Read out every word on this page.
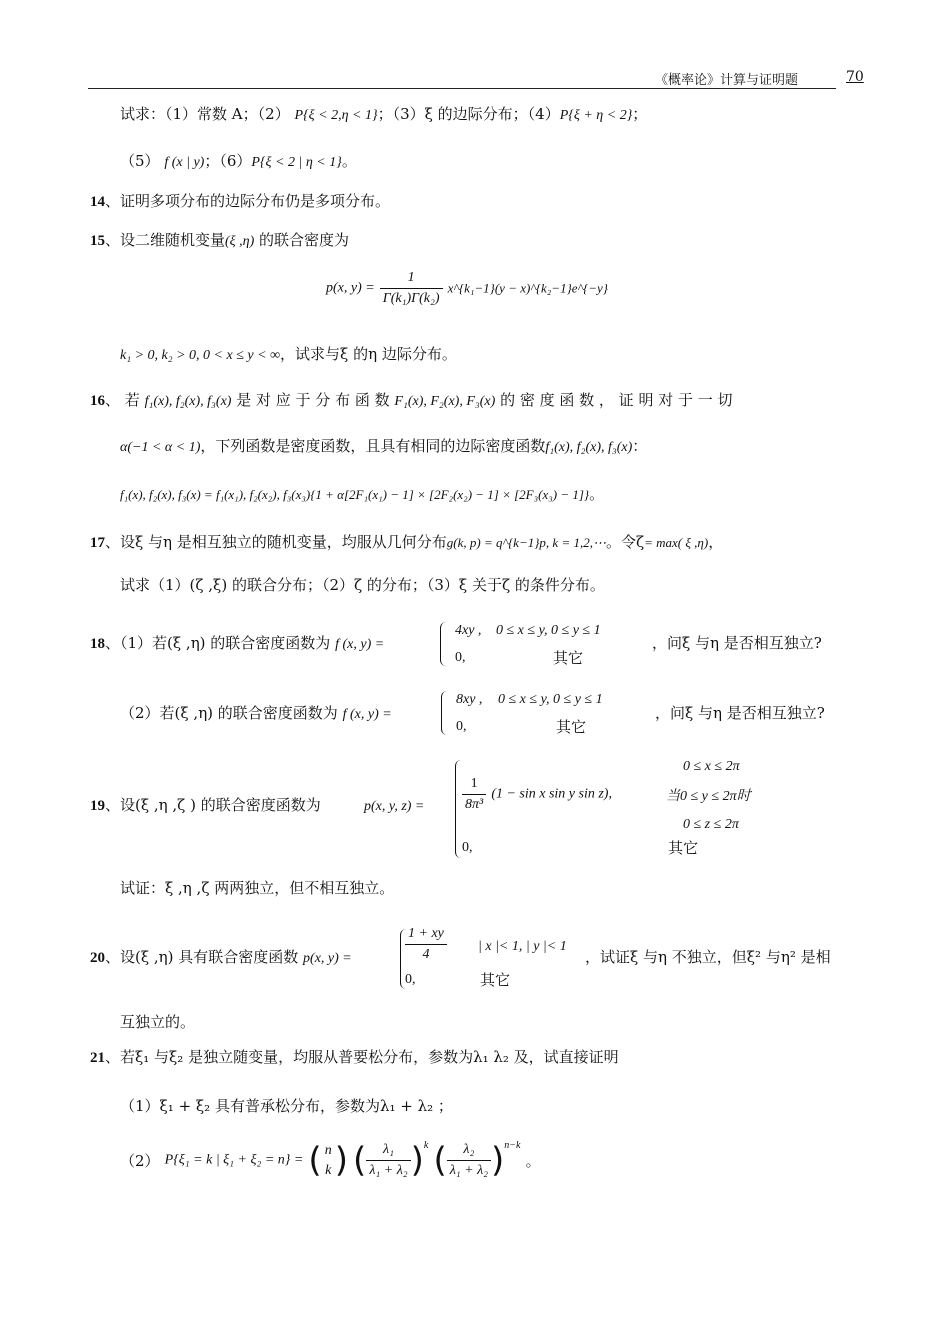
《概率论》计算与证明题	70
试求：（1）常数 A；（2） P{ξ < 2,η < 1}；（3）ξ 的边际分布；（4）P{ξ + η < 2}；
（5） f (x | y)；（6）P{ξ < 2 | η < 1}。
14、证明多项分布的边际分布仍是多项分布。
15、设二维随机变量(ξ ,η) 的联合密度为
p(x, $y) = \frac{1}{\text{Γ(k₁)Γ(k₂)}}$ x^{k₁−1}(y − x)^{k₂−1}e^{−y}
k₁ > 0, k₂ > 0, 0 < x ≤ y < ∞，试求与ξ 的η 边际分布。
16、 若 f₁(x), f₂(x), f₃(x) 是 对 应 于 分 布 函 数 F₁(x), F₂(x), F₃(x) 的 密 度 函 数 ， 证 明 对 于 一 切
α(−1 < α < 1)，下列函数是密度函数，且具有相同的边际密度函数f₁(x), f₂(x), f₃(x)：
f₁(x), f₂(x), f₃(x) = f₁(x₁), f₂(x₂), f₃(x₃){1 + α[2F₁(x₁) − 1] × [2F₂(x₂) − 1] × [2F₃(x₃) − 1]}。
17、设ξ 与η 是相互独立的随机变量，均服从几何分布g(k, p) = q^{k−1}p, k = 1,2,⋯。令ζ= max( ξ ,η)，
试求（1）(ζ ,ξ) 的联合分布；（2）ζ 的分布；（3）ξ 关于ζ 的条件分布。
18、（1）若(ξ ,η) 的联合密度函数为 f (x, y) =
4xy , 0 ≤ x ≤ y, 0 ≤ y ≤ 1
0,	其它
，问ξ 与η 是否相互独立?
（2）若(ξ ,η) 的联合密度函数为 f (x, y) =
8xy , 0 ≤ x ≤ y, 0 ≤ y ≤ 1
0,	其它
，问ξ 与η 是否相互独立?
19、设(ξ ,η ,ζ ) 的联合密度函数为	p(x, y, z) =
0 ≤ x ≤ 2π
$\frac{1}{\text{8π³}} (1 - \sin x$ sin y sin z),	当0 ≤ y ≤ 2π时
0 ≤ z ≤ 2π
0,	其它
试证：ξ ,η ,ζ 两两独立，但不相互独立。
20、设(ξ ,η) 具有联合密度函数 p(x, y) =	$\frac{1 + xy}{4}$ | x |< 1, | y |< 1
0,	其它
，试证ξ 与η 不独立，但ξ² 与η² 是相
互独立的。
21、若ξ₁ 与ξ₂ 是独立随变量，均服从普要松分布，参数为λ₁ λ₂ 及，试直接证明
（1）ξ₁ + ξ₂ 具有普承松分布，参数为λ₁ + λ₂ ；
（2） P{ξ₁ = k | ξ₁ + ξ₂ = n} = ( n
k ) ( $\frac{\text{λ₁}}{\text{λ₁ + λ₂}} )^k$ ( $\frac{\text{λ₂}}{\text{λ₁ + λ₂}} )^{n-k}$ 。
